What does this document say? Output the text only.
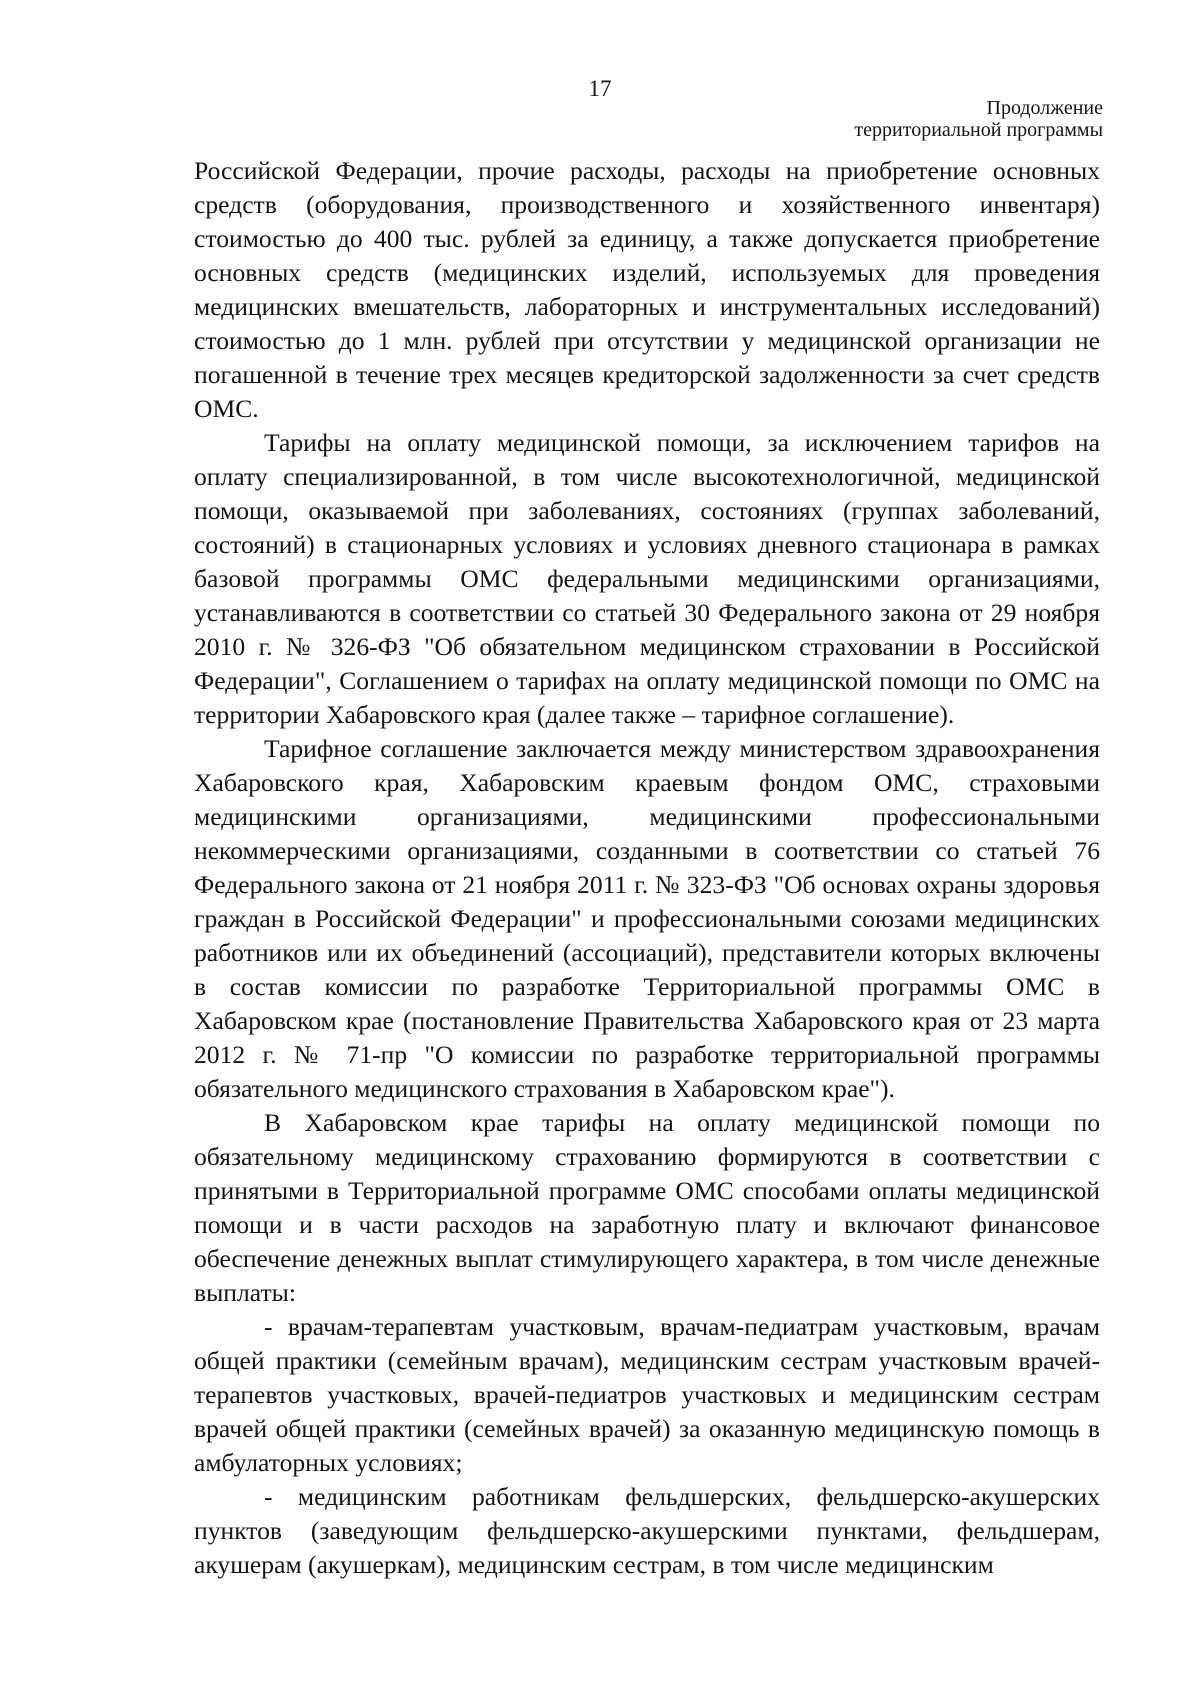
17
Продолжение
территориальной программы

Российской Федерации, прочие расходы, расходы на приобретение основных средств (оборудования, производственного и хозяйственного инвентаря) стоимостью до 400 тыс. рублей за единицу, а также допускается приобретение основных средств (медицинских изделий, используемых для проведения медицинских вмешательств, лабораторных и инструментальных исследований) стоимостью до 1 млн. рублей при отсутствии у медицинской организации не погашенной в течение трех месяцев кредиторской задолженности за счет средств ОМС.

Тарифы на оплату медицинской помощи, за исключением тарифов на оплату специализированной, в том числе высокотехнологичной, медицинской помощи, оказываемой при заболеваниях, состояниях (группах заболеваний, состояний) в стационарных условиях и условиях дневного стационара в рамках базовой программы ОМС федеральными медицинскими организациями, устанавливаются в соответствии со статьей 30 Федерального закона от 29 ноября 2010 г. № 326-ФЗ "Об обязательном медицинском страховании в Российской Федерации", Соглашением о тарифах на оплату медицинской помощи по ОМС на территории Хабаровского края (далее также – тарифное соглашение).

Тарифное соглашение заключается между министерством здравоохранения Хабаровского края, Хабаровским краевым фондом ОМС, страховыми медицинскими организациями, медицинскими профессиональными некоммерческими организациями, созданными в соответствии со статьей 76 Федерального закона от 21 ноября 2011 г. № 323-ФЗ "Об основах охраны здоровья граждан в Российской Федерации" и профессиональными союзами медицинских работников или их объединений (ассоциаций), представители которых включены в состав комиссии по разработке Территориальной программы ОМС в Хабаровском крае (постановление Правительства Хабаровского края от 23 марта 2012 г. № 71-пр "О комиссии по разработке территориальной программы обязательного медицинского страхования в Хабаровском крае").

В Хабаровском крае тарифы на оплату медицинской помощи по обязательному медицинскому страхованию формируются в соответствии с принятыми в Территориальной программе ОМС способами оплаты медицинской помощи и в части расходов на заработную плату и включают финансовое обеспечение денежных выплат стимулирующего характера, в том числе денежные выплаты:

- врачам-терапевтам участковым, врачам-педиатрам участковым, врачам общей практики (семейным врачам), медицинским сестрам участковым врачей-терапевтов участковых, врачей-педиатров участковых и медицинским сестрам врачей общей практики (семейных врачей) за оказанную медицинскую помощь в амбулаторных условиях;

- медицинским работникам фельдшерских, фельдшерско-акушерских пунктов (заведующим фельдшерско-акушерскими пунктами, фельдшерам, акушерам (акушеркам), медицинским сестрам, в том числе медицинским
